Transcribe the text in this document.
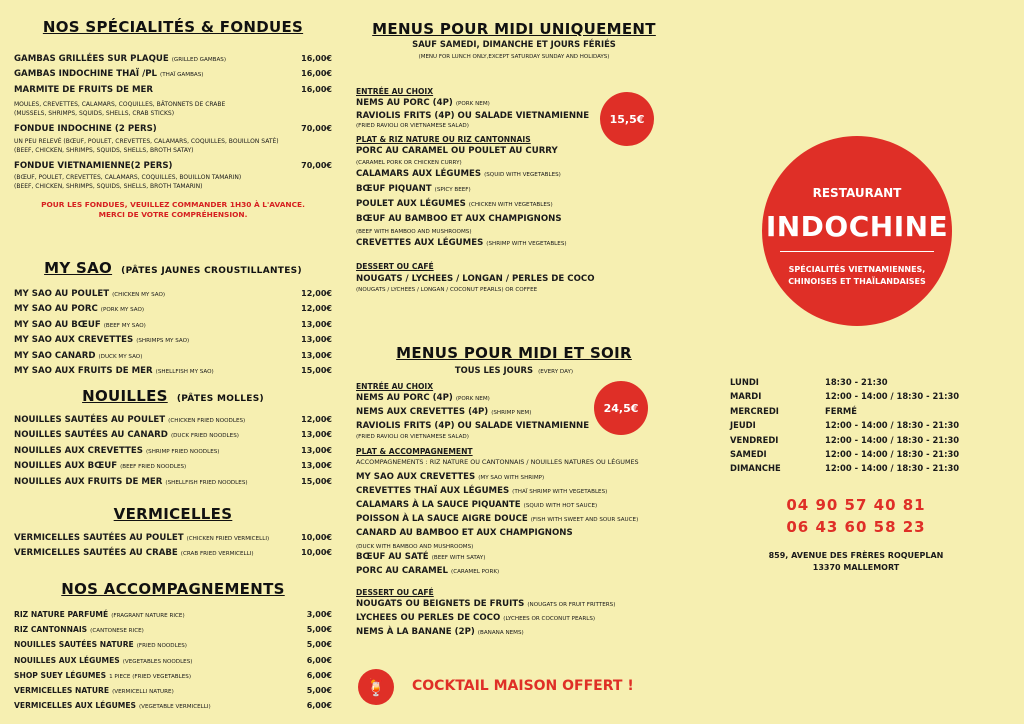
NOS SPÉCIALITÉS & FONDUES
GAMBAS GRILLÉES SUR PLAQUE (GRILLED GAMBAS)	16,00€
GAMBAS INDOCHINE THAÏ /PL (THAÏ GAMBAS)	16,00€
MARMITE DE FRUITS DE MER	16,00€
MOULES, CREVETTES, CALAMARS, COQUILLES, BÂTONNETS DE CRABE
(MUSSELS, SHRIMPS, SQUIDS, SHELLS, CRAB STICKS)
FONDUE INDOCHINE (2 PERS)	70,00€
UN PEU RELEVÉ (BŒUF, POULET, CREVETTES, CALAMARS, COQUILLES, BOUILLON SATÉ)
(BEEF, CHICKEN, SHRIMPS, SQUIDS, SHELLS, BROTH SATAY)
FONDUE VIETNAMIENNE(2 PERS)	70,00€
(BŒUF, POULET, CREVETTES, CALAMARS, COQUILLES, BOUILLON TAMARIN)
(BEEF, CHICKEN, SHRIMPS, SQUIDS, SHELLS, BROTH TAMARIN)
POUR LES FONDUES, VEUILLEZ COMMANDER 1H30 À L'AVANCE.
MERCI DE VOTRE COMPRÉHENSION.
MY SAO (PÂTES JAUNES CROUSTILLANTES)
MY SAO AU POULET (CHICKEN MY SAO)	12,00€
MY SAO AU PORC (PORK MY SAO)	12,00€
MY SAO AU BŒUF (BEEF MY SAO)	13,00€
MY SAO AUX CREVETTES (SHRIMPS MY SAO)	13,00€
MY SAO CANARD (DUCK MY SAO)	13,00€
MY SAO AUX FRUITS DE MER (SHELLFISH MY SAO)	15,00€
NOUILLES (PÂTES MOLLES)
NOUILLES SAUTÉES AU POULET (CHICKEN FRIED NOODLES)	12,00€
NOUILLES SAUTÉES AU CANARD (DUCK FRIED NOODLES)	13,00€
NOUILLES AUX CREVETTES (SHRIMP FRIED NOODLES)	13,00€
NOUILLES AUX BŒUF (BEEF FRIED NOODLES)	13,00€
NOUILLES AUX FRUITS DE MER (SHELLFISH FRIED NOODLES)	15,00€
VERMICELLES
VERMICELLES SAUTÉES AU POULET (CHICKEN FRIED VERMICELLI)	10,00€
VERMICELLES SAUTÉES AU CRABE (CRAB FRIED VERMICELLI)	10,00€
NOS ACCOMPAGNEMENTS
RIZ NATURE PARFUMÉ (FRAGRANT NATURE RICE)	3,00€
RIZ CANTONNAIS (CANTONESE RICE)	5,00€
NOUILLES SAUTÉES NATURE (FRIED NOODLES)	5,00€
NOUILLES AUX LÉGUMES (VEGETABLES NOODLES)	6,00€
SHOP SUEY LÉGUMES 1 PIECE (FRIED VEGETABLES)	6,00€
VERMICELLES NATURE (VERMICELLI NATURE)	5,00€
VERMICELLES AUX LÉGUMES (VEGETABLE VERMICELLI)	6,00€
MENUS POUR MIDI UNIQUEMENT
SAUF SAMEDI, DIMANCHE ET JOURS FÉRIÉS
(MENU FOR LUNCH ONLY,EXCEPT SATURDAY SUNDAY AND HOLIDAYS)
15,5€
ENTRÉE AU CHOIX
NEMS AU PORC (4P) (PORK NEM)
RAVIOLIS FRITS (4P) OU SALADE VIETNAMIENNE
(FRIED RAVIOLI OR VIETNAMESE SALAD)
PLAT & RIZ NATURE OU RIZ CANTONNAIS
PORC AU CARAMEL OU POULET AU CURRY
(CARAMEL PORK OR CHICKEN CURRY)
CALAMARS AUX LÉGUMES (SQUID WITH VEGETABLES)
BŒUF PIQUANT (SPICY BEEF)
POULET AUX LÉGUMES (CHICKEN WITH VEGETABLES)
BŒUF AU BAMBOO ET AUX CHAMPIGNONS
(BEEF WITH BAMBOO AND MUSHROOMS)
CREVETTES AUX LÉGUMES (SHRIMP WITH VEGETABLES)
DESSERT OU CAFÉ
NOUGATS / LYCHEES / LONGAN / PERLES DE COCO
(NOUGATS / LYCHEES / LONGAN / COCONUT PEARLS) OR COFFEE
MENUS POUR MIDI ET SOIR
TOUS LES JOURS (EVERY DAY)
24,5€
ENTRÉE AU CHOIX
NEMS AU PORC (4P) (PORK NEM)
NEMS AUX CREVETTES (4P) (SHRIMP NEM)
RAVIOLIS FRITS (4P) OU SALADE VIETNAMIENNE
(FRIED RAVIOLI OR VIETNAMESE SALAD)
PLAT & ACCOMPAGNEMENT
ACCOMPAGNEMENTS : RIZ NATURE OU CANTONNAIS / NOUILLES NATURES OU LÉGUMES
MY SAO AUX CREVETTES (MY SAO WITH SHRIMP)
CREVETTES THAÏ AUX LÉGUMES (THAÏ SHRIMP WITH VEGETABLES)
CALAMARS À LA SAUCE PIQUANTE (SQUID WITH HOT SAUCE)
POISSON À LA SAUCE AIGRE DOUCE (FISH WITH SWEET AND SOUR SAUCE)
CANARD AU BAMBOO ET AUX CHAMPIGNONS
(DUCK WITH BAMBOO AND MUSHROOMS)
BŒUF AU SATÉ (BEEF WITH SATAY)
PORC AU CARAMEL (CARAMEL PORK)
DESSERT OU CAFÉ
NOUGATS OU BEIGNETS DE FRUITS (NOUGATS OR FRUIT FRITTERS)
LYCHEES OU PERLES DE COCO (LYCHEES OR COCONUT PEARLS)
NEMS À LA BANANE (2P) (BANANA NEMS)
🍹	COCKTAIL MAISON OFFERT !
RESTAURANT
INDOCHINE
SPÉCIALITÉS VIETNAMIENNES,
CHINOISES ET THAÏLANDAISES
LUNDI	18:30 - 21:30
MARDI	12:00 - 14:00 / 18:30 - 21:30
MERCREDI	FERMÉ
JEUDI	12:00 - 14:00 / 18:30 - 21:30
VENDREDI	12:00 - 14:00 / 18:30 - 21:30
SAMEDI	12:00 - 14:00 / 18:30 - 21:30
DIMANCHE	12:00 - 14:00 / 18:30 - 21:30
04 90 57 40 81
06 43 60 58 23
859, AVENUE DES FRÈRES ROQUEPLAN
13370 MALLEMORT
